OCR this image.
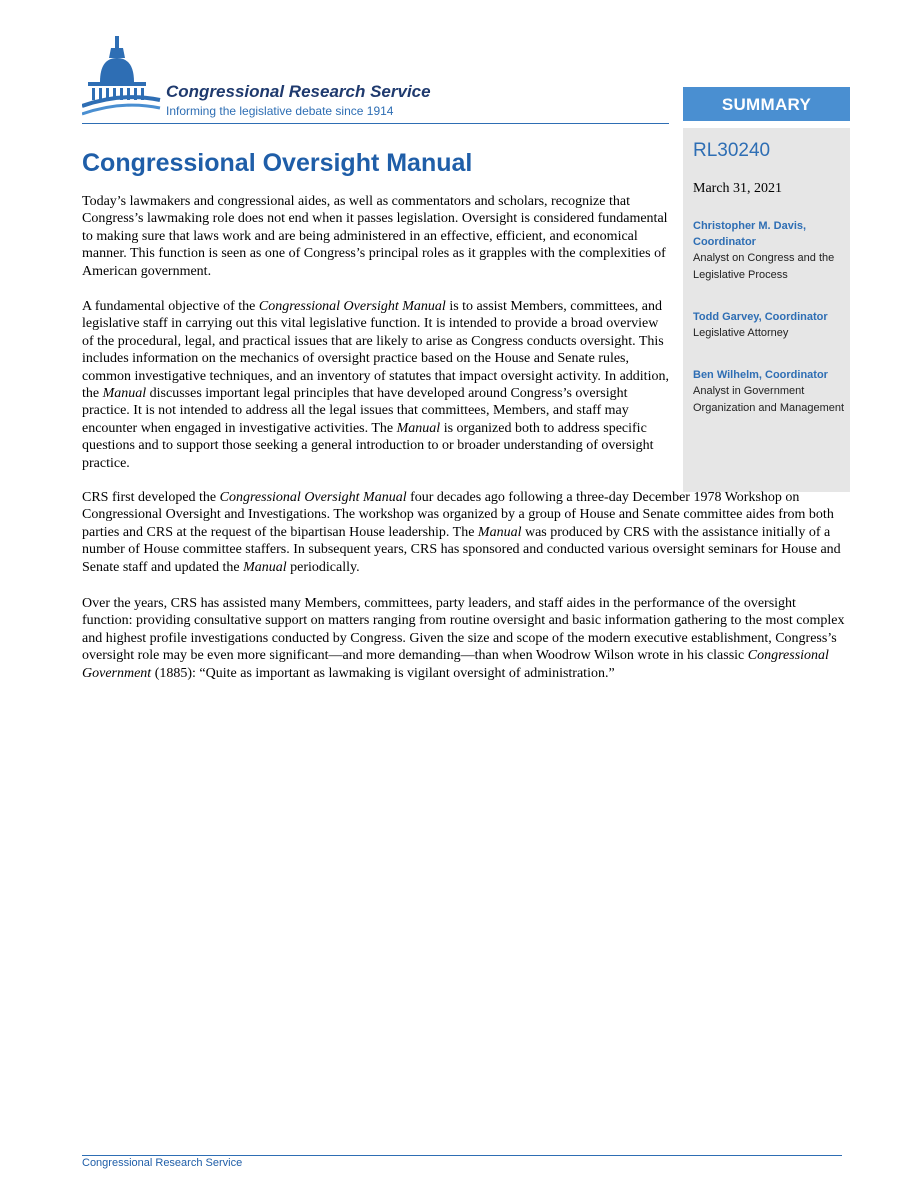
Congressional Research Service
Informing the legislative debate since 1914	SUMMARY
RL30240
March 31, 2021
Christopher M. Davis, Coordinator
Analyst on Congress and the Legislative Process
Todd Garvey, Coordinator
Legislative Attorney
Ben Wilhelm, Coordinator
Analyst in Government Organization and Management
Congressional Oversight Manual

Today’s lawmakers and congressional aides, as well as commentators and scholars, recognize that Congress’s lawmaking role does not end when it passes legislation. Oversight is considered fundamental to making sure that laws work and are being administered in an effective, efficient, and economical manner. This function is seen as one of Congress’s principal roles as it grapples with the complexities of American government.

A fundamental objective of the Congressional Oversight Manual is to assist Members, committees, and legislative staff in carrying out this vital legislative function. It is intended to provide a broad overview of the procedural, legal, and practical issues that are likely to arise as Congress conducts oversight. This includes information on the mechanics of oversight practice based on the House and Senate rules, common investigative techniques, and an inventory of statutes that impact oversight activity. In addition, the Manual discusses important legal principles that have developed around Congress’s oversight practice. It is not intended to address all the legal issues that committees, Members, and staff may encounter when engaged in investigative activities. The Manual is organized both to address specific questions and to support those seeking a general introduction to or broader understanding of oversight practice.

CRS first developed the Congressional Oversight Manual four decades ago following a three-day December 1978 Workshop on Congressional Oversight and Investigations. The workshop was organized by a group of House and Senate committee aides from both parties and CRS at the request of the bipartisan House leadership. The Manual was produced by CRS with the assistance initially of a number of House committee staffers. In subsequent years, CRS has sponsored and conducted various oversight seminars for House and Senate staff and updated the Manual periodically.

Over the years, CRS has assisted many Members, committees, party leaders, and staff aides in the performance of the oversight function: providing consultative support on matters ranging from routine oversight and basic information gathering to the most complex and highest profile investigations conducted by Congress. Given the size and scope of the modern executive establishment, Congress’s oversight role may be even more significant—and more demanding—than when Woodrow Wilson wrote in his classic Congressional Government (1885): “Quite as important as lawmaking is vigilant oversight of administration.”

Congressional Research Service
